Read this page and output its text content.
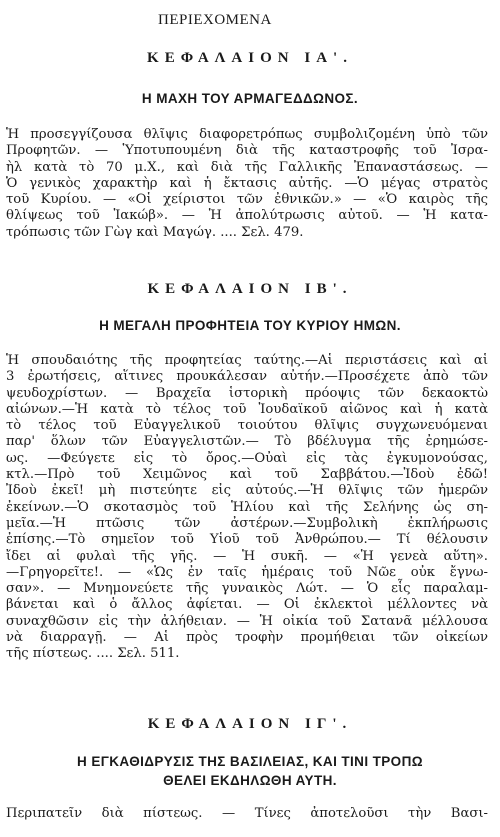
ΠΕΡΙΕΧΟΜΕΝΑ
ΚΕΦΑΛΑΙΟΝ ΙΑ'.
Η ΜΑΧΗ ΤΟΥ ΑΡΜΑΓΕΔΔΩΝΟΣ.
Ἡ προσεγγίζουσα θλῖψις διαφορετρόπως συμβολιζομένη ὑπὸ τῶν
Προφητῶν. — Ὑποτυπουμένη διὰ τῆς καταστροφῆς τοῦ Ἰσρα-
ὴλ κατὰ τὸ 70 μ.Χ., καὶ διὰ τῆς Γαλλικῆς Ἐπαναστάσεως. —
Ὁ γενικὸς χαρακτὴρ καὶ ἡ ἔκτασις αὐτῆς. —Ὁ μέγας στρατὸς
τοῦ Κυρίου. — «Οἱ χείριστοι τῶν ἐθνικῶν.» — «Ὁ καιρὸς τῆς
θλίψεως τοῦ Ἰακώβ». — Ἡ ἀπολύτρωσις αὐτοῦ. — Ἡ κατα-
τρόπωσις τῶν Γὼγ καὶ Μαγώγ. .... Σελ. 479.
ΚΕΦΑΛΑΙΟΝ ΙΒ'.
Η ΜΕΓΑΛΗ ΠΡΟΦΗΤΕΙΑ ΤΟΥ ΚΥΡΙΟΥ ΗΜΩΝ.
Ἡ σπουδαιότης τῆς προφητείας ταύτης.—Αἱ περιστάσεις καὶ αἱ
3 ἐρωτήσεις, αἵτινες προυκάλεσαν αὐτήν.—Προσέχετε ἀπὸ τῶν
ψευδοχρίστων. — Βραχεῖα ἱστορικὴ πρόοψις τῶν δεκαοκτὼ
αἰώνων.—Ἡ κατὰ τὸ τέλος τοῦ Ἰουδαϊκοῦ αἰῶνος καὶ ἡ κατὰ
τὸ τέλος τοῦ Εὐαγγελικοῦ τοιούτου θλῖψις συγχωνευόμεναι
παρ' ὅλων τῶν Εὐαγγελιστῶν.— Τὸ βδέλυγμα τῆς ἐρημώσε-
ως. —Φεύγετε εἰς τὸ ὄρος.—Οὐαὶ εἰς τὰς ἐγκυμονούσας,
κτλ.—Πρὸ τοῦ Χειμῶνος καὶ τοῦ Σαββάτου.—Ἰδοὺ ἐδῶ!
Ἰδοὺ ἐκεῖ! μὴ πιστεύητε εἰς αὐτούς.—Ἡ θλῖψις τῶν ἡμερῶν
ἐκείνων.—Ὁ σκοτασμὸς τοῦ Ἡλίου καὶ τῆς Σελήνης ὡς ση-
μεῖα.—Ἡ πτῶσις τῶν ἀστέρων.—Συμβολικὴ ἐκπλήρωσις
ἐπίσης.—Τὸ σημεῖον τοῦ Υἱοῦ τοῦ Ἀνθρώπου.— Τί θέλουσιν
ἴδει αἱ φυλαὶ τῆς γῆς. — Ἡ συκῆ. — «Ἡ γενεὰ αὕτη».
—Γρηγορεῖτε!. — «Ὡς ἐν ταῖς ἡμέραις τοῦ Νῶε οὐκ ἔγνω-
σαν». — Μνημονεύετε τῆς γυναικὸς Λώτ. — Ὁ εἷς παραλαμ-
βάνεται καὶ ὁ ἄλλος ἀφίεται. — Οἱ ἐκλεκτοὶ μέλλοντες νὰ
συναχθῶσιν εἰς τὴν ἀλήθειαν. — Ἡ οἰκία τοῦ Σατανᾶ μέλλουσα
νὰ διαρραγῇ. — Αἱ πρὸς τροφὴν προμήθειαι τῶν οἰκείων
τῆς πίστεως. .... Σελ. 511.
ΚΕΦΑΛΑΙΟΝ ΙΓ'.
Η ΕΓΚΑΘΙΔΡΥΣΙΣ ΤΗΣ ΒΑΣΙΛΕΙΑΣ, ΚΑΙ ΤΙΝΙ ΤΡΟΠΩ
ΘΕΛΕΙ ΕΚΔΗΛΩΘΗ ΑΥΤΗ.
Περιπατεῖν διὰ πίστεως. — Τίνες ἀποτελοῦσι τὴν Βασι-
